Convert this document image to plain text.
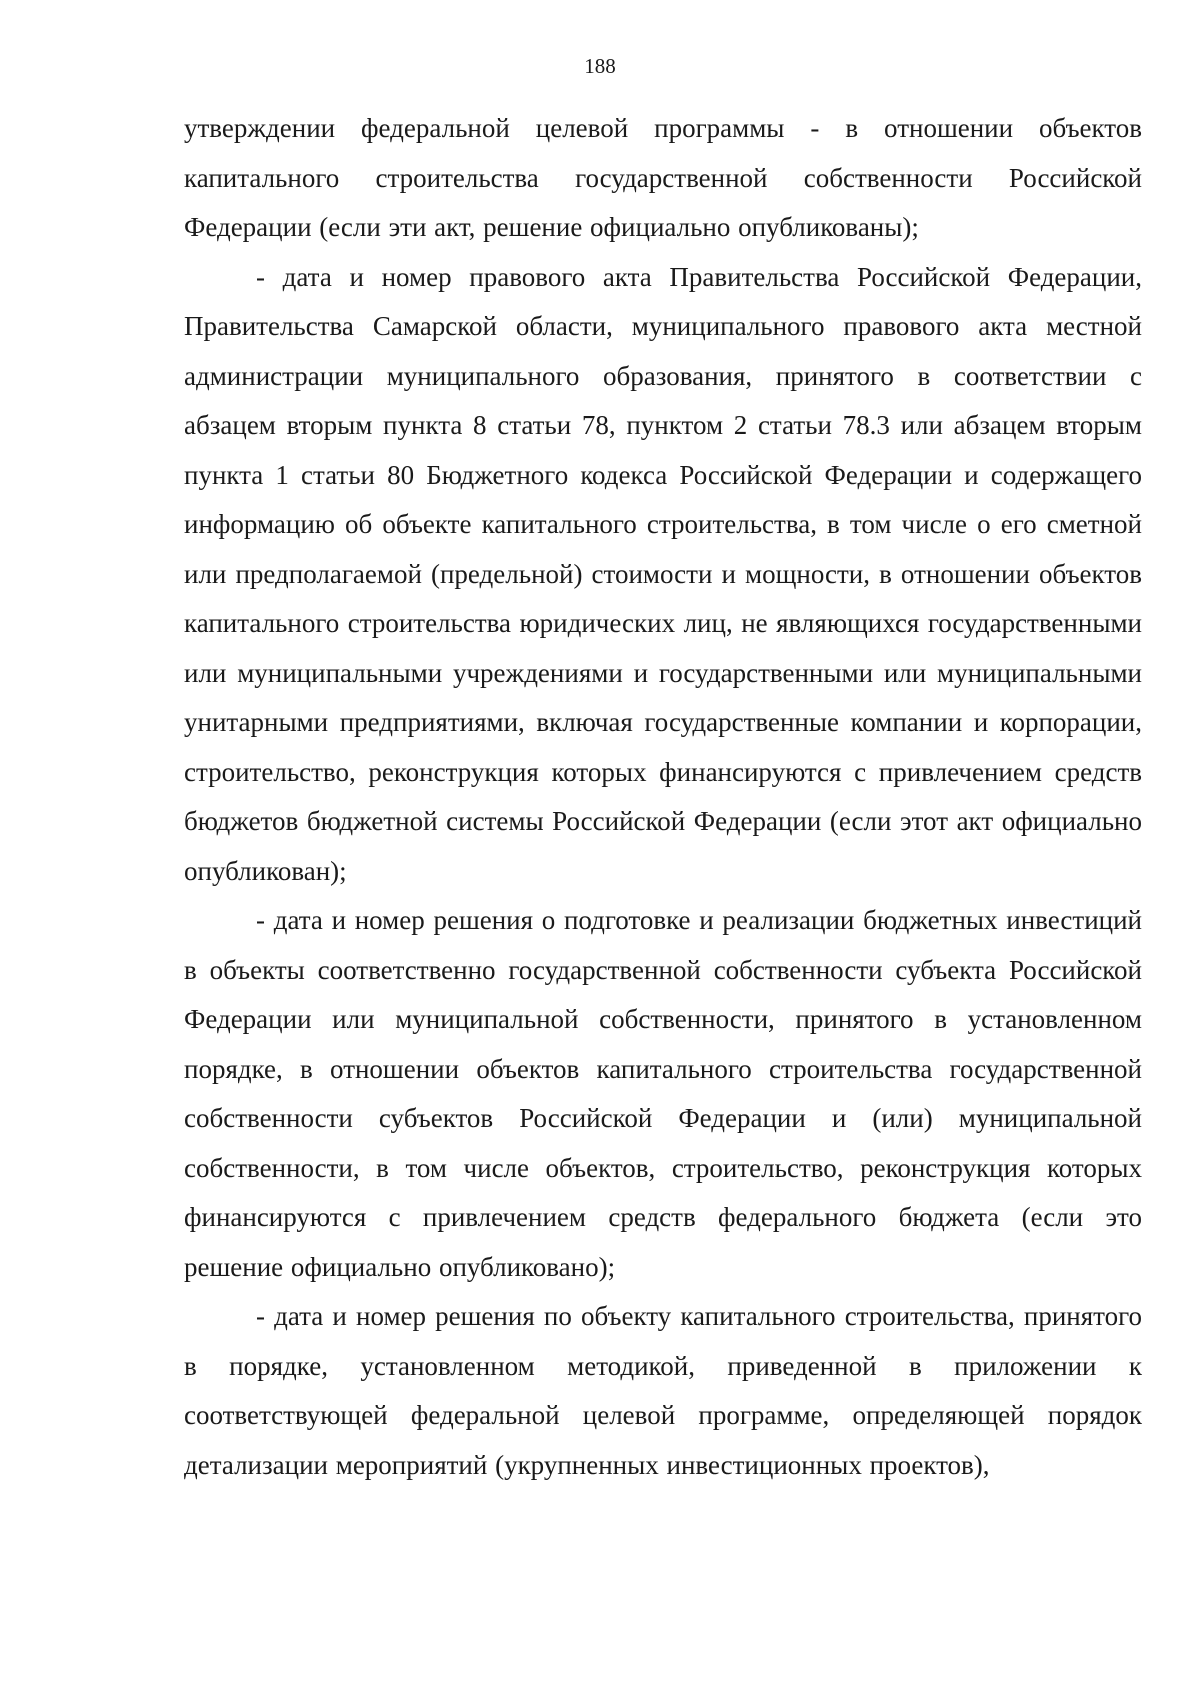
188

утверждении федеральной целевой программы - в отношении объектов капитального строительства государственной собственности Российской Федерации (если эти акт, решение официально опубликованы);

- дата и номер правового акта Правительства Российской Федерации, Правительства Самарской области, муниципального правового акта местной администрации муниципального образования, принятого в соответствии с абзацем вторым пункта 8 статьи 78, пунктом 2 статьи 78.3 или абзацем вторым пункта 1 статьи 80 Бюджетного кодекса Российской Федерации и содержащего информацию об объекте капитального строительства, в том числе о его сметной или предполагаемой (предельной) стоимости и мощности, в отношении объектов капитального строительства юридических лиц, не являющихся государственными или муниципальными учреждениями и государственными или муниципальными унитарными предприятиями, включая государственные компании и корпорации, строительство, реконструкция которых финансируются с привлечением средств бюджетов бюджетной системы Российской Федерации (если этот акт официально опубликован);

- дата и номер решения о подготовке и реализации бюджетных инвестиций в объекты соответственно государственной собственности субъекта Российской Федерации или муниципальной собственности, принятого в установленном порядке, в отношении объектов капитального строительства государственной собственности субъектов Российской Федерации и (или) муниципальной собственности, в том числе объектов, строительство, реконструкция которых финансируются с привлечением средств федерального бюджета (если это решение официально опубликовано);

- дата и номер решения по объекту капитального строительства, принятого в порядке, установленном методикой, приведенной в приложении к соответствующей федеральной целевой программе, определяющей порядок детализации мероприятий (укрупненных инвестиционных проектов),
